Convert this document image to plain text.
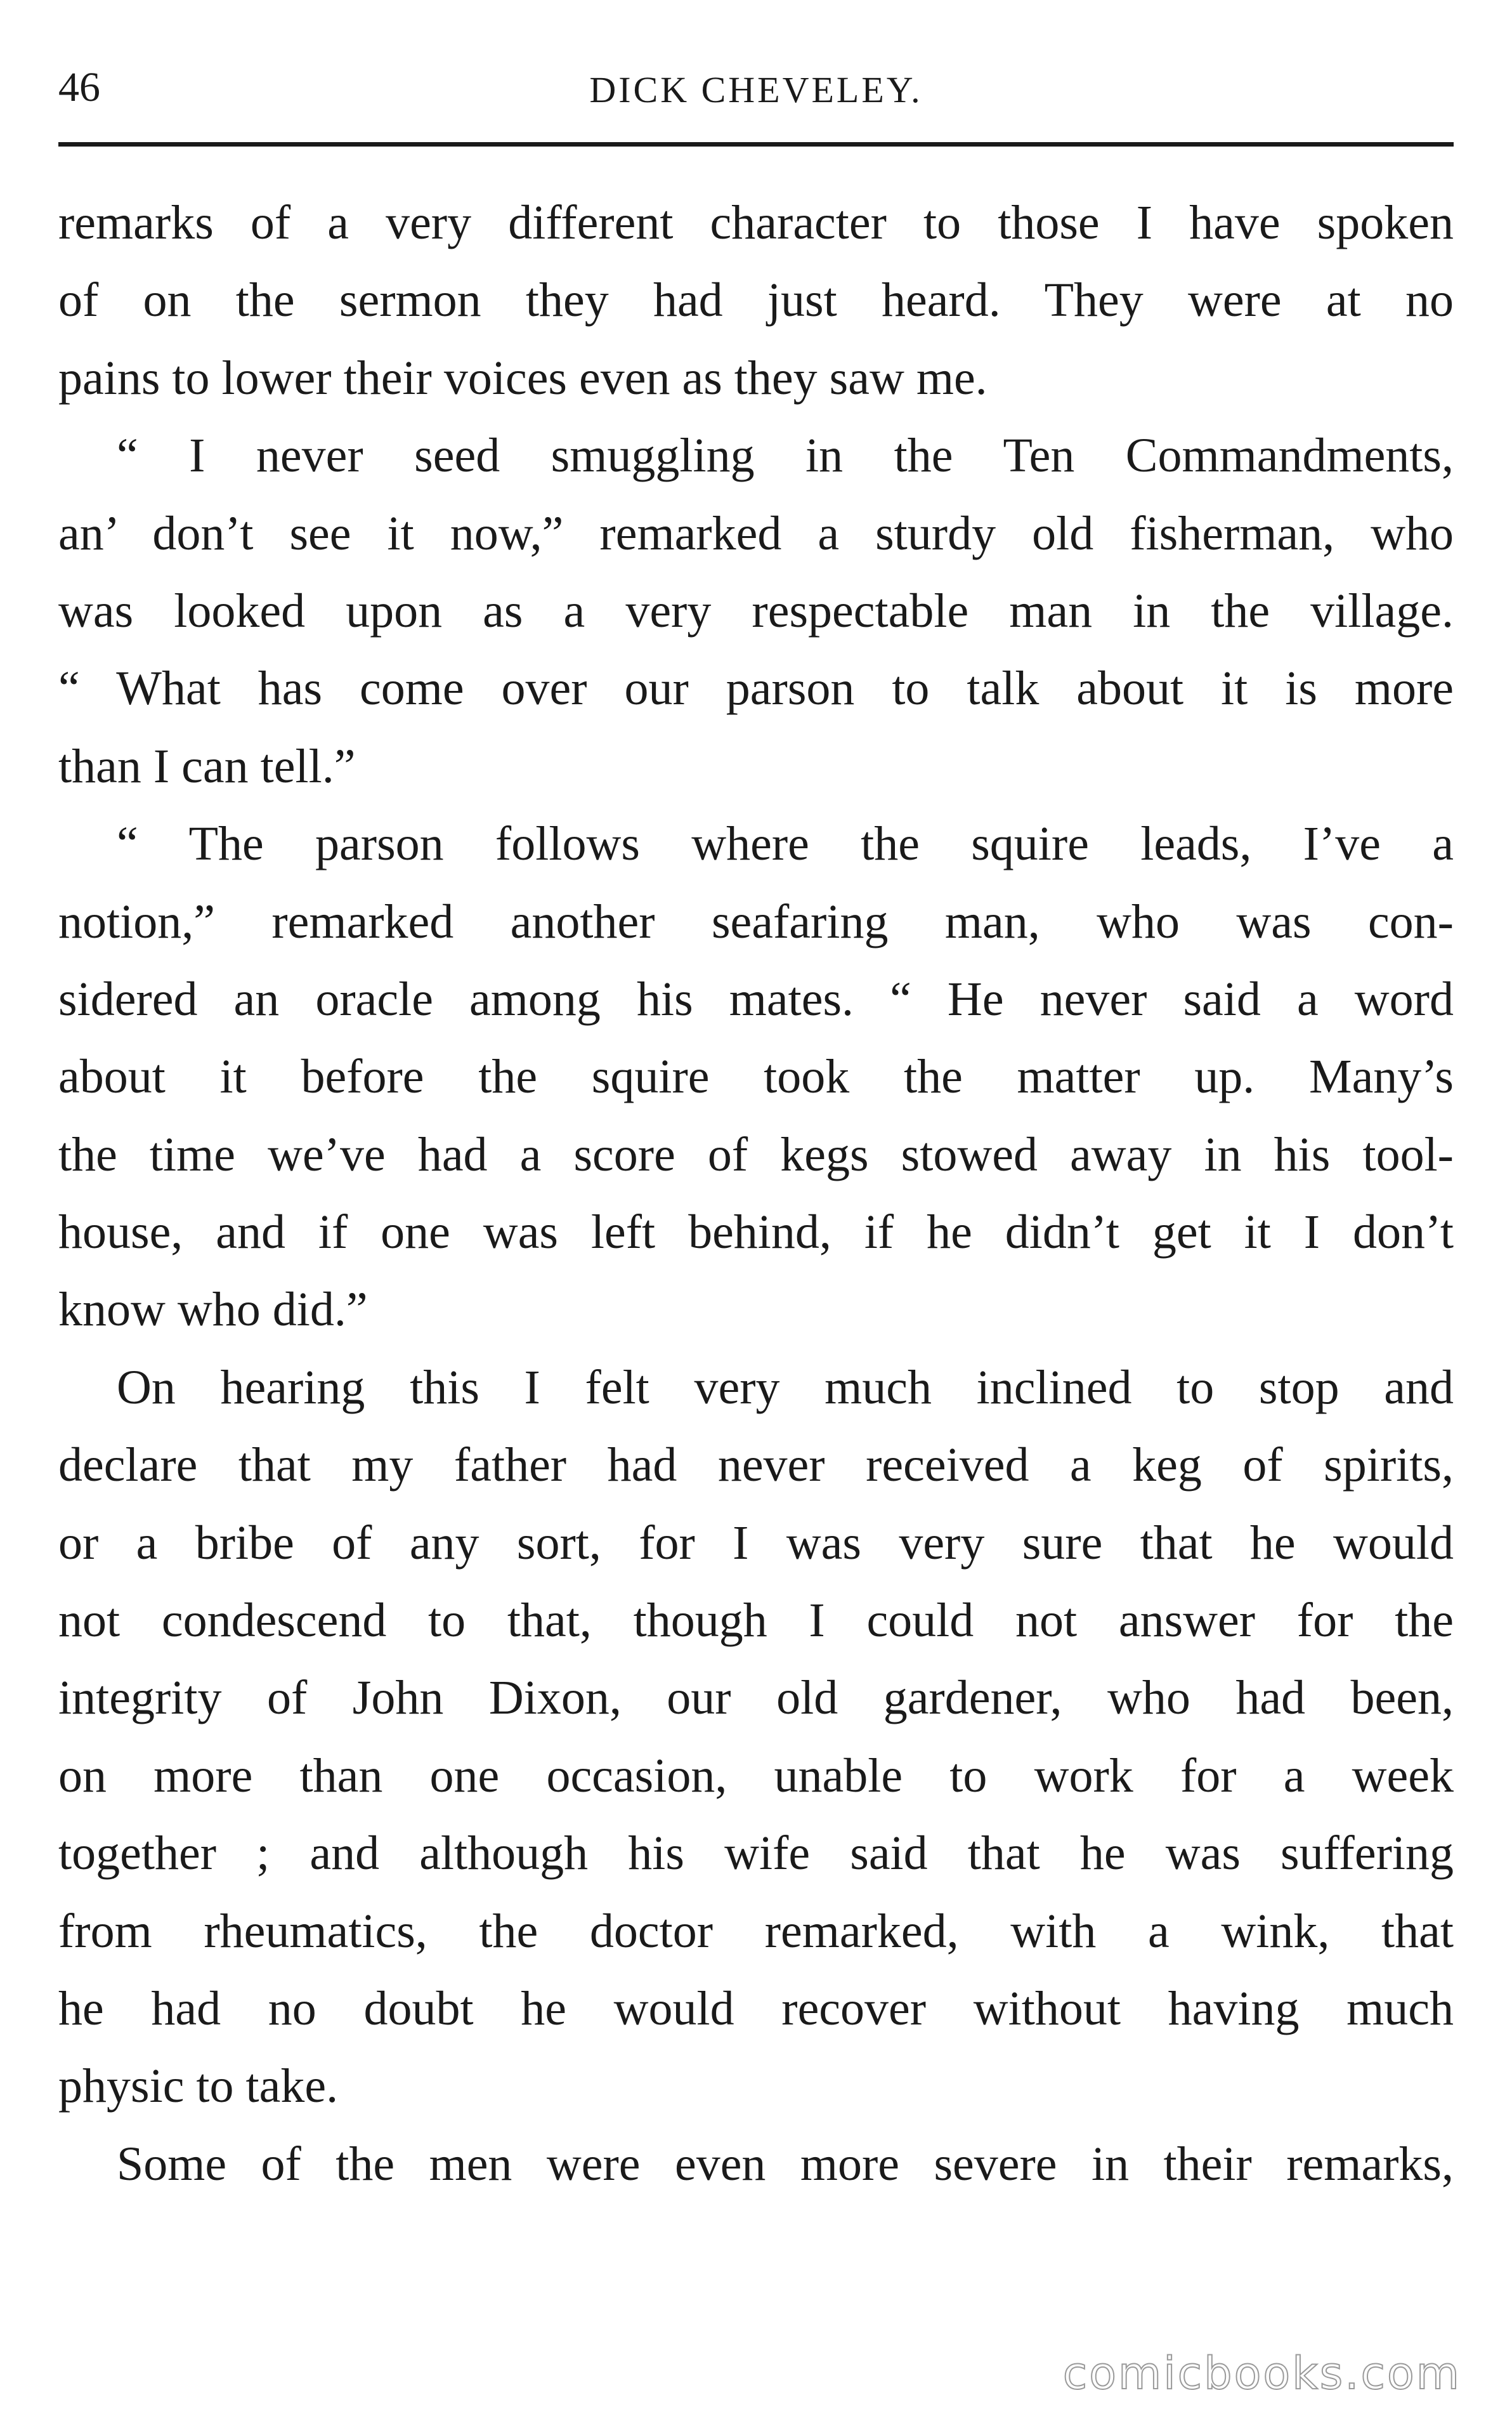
46	DICK CHEVELEY.
remarks of a very different character to those I have spoken
of on the sermon they had just heard. They were at no
pains to lower their voices even as they saw me.
“ I never seed smuggling in the Ten Commandments,
an’ don’t see it now,” remarked a sturdy old fisherman, who
was looked upon as a very respectable man in the village.
“ What has come over our parson to talk about it is more
than I can tell.”
“ The parson follows where the squire leads, I’ve a
notion,” remarked another seafaring man, who was con-
sidered an oracle among his mates. “ He never said a word
about it before the squire took the matter up. Many’s
the time we’ve had a score of kegs stowed away in his tool-
house, and if one was left behind, if he didn’t get it I don’t
know who did.”
On hearing this I felt very much inclined to stop and
declare that my father had never received a keg of spirits,
or a bribe of any sort, for I was very sure that he would
not condescend to that, though I could not answer for the
integrity of John Dixon, our old gardener, who had been,
on more than one occasion, unable to work for a week
together ; and although his wife said that he was suffering
from rheumatics, the doctor remarked, with a wink, that
he had no doubt he would recover without having much
physic to take.
Some of the men were even more severe in their remarks,
comicbooks.com
